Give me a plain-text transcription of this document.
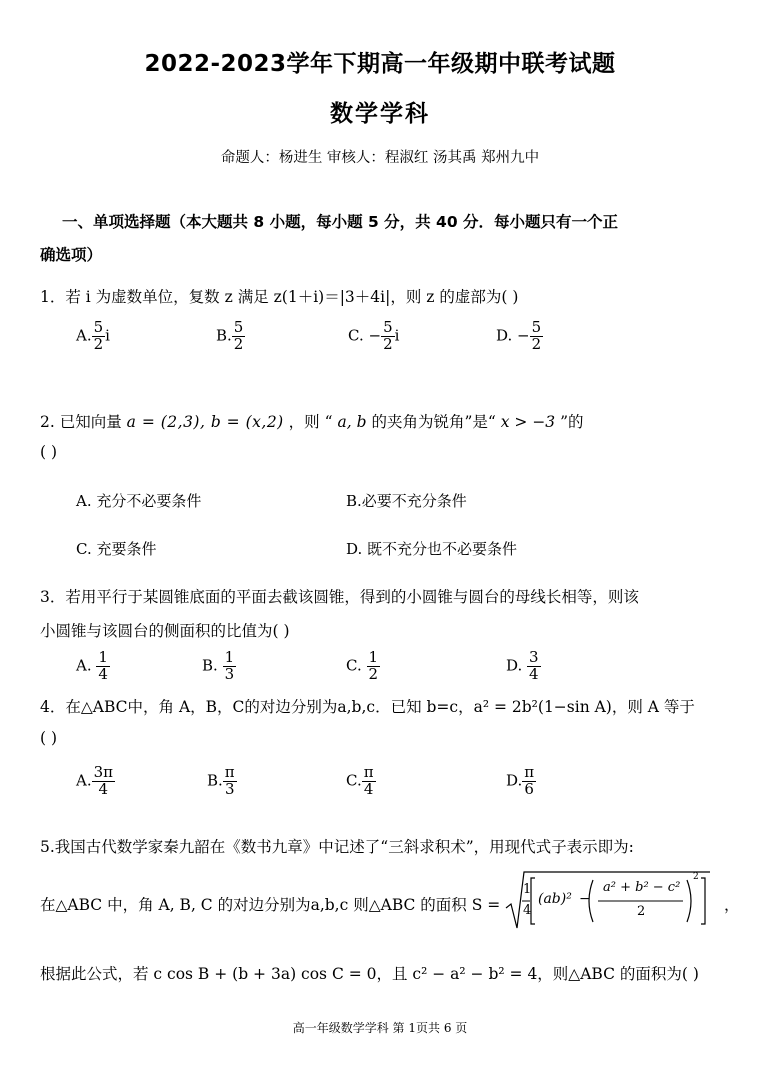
2022-2023学年下期高一年级期中联考试题
数学学科
命题人：杨进生 审核人：程淑红 汤其禹 郑州九中
一、单项选择题（本大题共 8 小题，每小题 5 分，共 40 分．每小题只有一个正
确选项）
1．若 i 为虚数单位，复数 z 满足 z(1＋i)＝|3＋4i|，则 z 的虚部为( )
A. $\frac{5}{2}$ i	B. $\frac{5}{2}$	C. − $\frac{5}{2}$ i	D. − $\frac{5}{2}$
2. 已知向量 a = (2,3), b = (x,2) ，则 “ a, b 的夹角为锐角”是“ x > −3 ”的
( )
A. 充分不必要条件	B.必要不充分条件
C. 充要条件	D. 既不充分也不必要条件
3．若用平行于某圆锥底面的平面去截该圆锥，得到的小圆锥与圆台的母线长相等，则该
小圆锥与该圆台的侧面积的比值为( )
A. $\frac{1}{4}$	B. $\frac{1}{3}$	C. $\frac{1}{2}$	D. $\frac{3}{4}$
4．在△ABC中，角 A，B，C的对边分别为a,b,c．已知 b=c，a² = 2b²(1−sin A)，则 A 等于
( )
A. $\frac{3\pi}{4}$	B. $\frac{\pi}{3}$	C. $\frac{\pi}{4}$	D. $\frac{\pi}{6}$
5.我国古代数学家秦九韶在《数书九章》中记述了“三斜求积术”，用现代式子表示即为:
在△ABC 中，角 A, B, C 的对边分别为a,b,c 则△ABC 的面积 S =
1
4
(ab)² −
a² + b² − c²
2
2
，
根据此公式，若 c cos B + (b + 3a) cos C = 0，且 c² − a² − b² = 4，则△ABC 的面积为( )
高一年级数学学科 第 1页共 6 页
